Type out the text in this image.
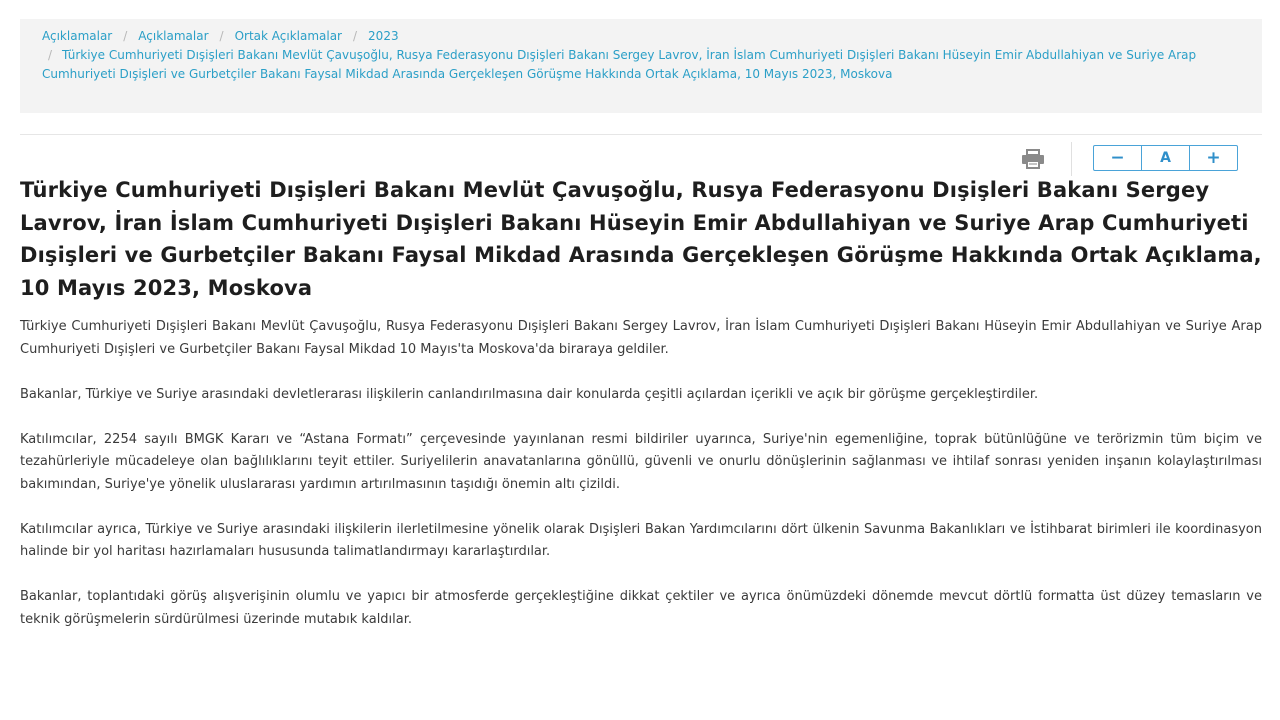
Açıklamalar / Açıklamalar / Ortak Açıklamalar / 2023
/ Türkiye Cumhuriyeti Dışişleri Bakanı Mevlüt Çavuşoğlu, Rusya Federasyonu Dışişleri Bakanı Sergey Lavrov, İran İslam Cumhuriyeti Dışişleri Bakanı Hüseyin Emir Abdullahiyan ve Suriye Arap Cumhuriyeti Dışişleri ve Gurbetçiler Bakanı Faysal Mikdad Arasında Gerçekleşen Görüşme Hakkında Ortak Açıklama, 10 Mayıs 2023, Moskova
−	A	+
Türkiye Cumhuriyeti Dışişleri Bakanı Mevlüt Çavuşoğlu, Rusya Federasyonu Dışişleri Bakanı Sergey Lavrov, İran İslam Cumhuriyeti Dışişleri Bakanı Hüseyin Emir Abdullahiyan ve Suriye Arap Cumhuriyeti Dışişleri ve Gurbetçiler Bakanı Faysal Mikdad Arasında Gerçekleşen Görüşme Hakkında Ortak Açıklama, 10 Mayıs 2023, Moskova

Türkiye Cumhuriyeti Dışişleri Bakanı Mevlüt Çavuşoğlu, Rusya Federasyonu Dışişleri Bakanı Sergey Lavrov, İran İslam Cumhuriyeti Dışişleri Bakanı Hüseyin Emir Abdullahiyan ve Suriye Arap Cumhuriyeti Dışişleri ve Gurbetçiler Bakanı Faysal Mikdad 10 Mayıs'ta Moskova'da biraraya geldiler.

Bakanlar, Türkiye ve Suriye arasındaki devletlerarası ilişkilerin canlandırılmasına dair konularda çeşitli açılardan içerikli ve açık bir görüşme gerçekleştirdiler.

Katılımcılar, 2254 sayılı BMGK Kararı ve “Astana Formatı” çerçevesinde yayınlanan resmi bildiriler uyarınca, Suriye'nin egemenliğine, toprak bütünlüğüne ve terörizmin tüm biçim ve tezahürleriyle mücadeleye olan bağlılıklarını teyit ettiler. Suriyelilerin anavatanlarına gönüllü, güvenli ve onurlu dönüşlerinin sağlanması ve ihtilaf sonrası yeniden inşanın kolaylaştırılması bakımından, Suriye'ye yönelik uluslararası yardımın artırılmasının taşıdığı önemin altı çizildi.

Katılımcılar ayrıca, Türkiye ve Suriye arasındaki ilişkilerin ilerletilmesine yönelik olarak Dışişleri Bakan Yardımcılarını dört ülkenin Savunma Bakanlıkları ve İstihbarat birimleri ile koordinasyon halinde bir yol haritası hazırlamaları hususunda talimatlandırmayı kararlaştırdılar.

Bakanlar, toplantıdaki görüş alışverişinin olumlu ve yapıcı bir atmosferde gerçekleştiğine dikkat çektiler ve ayrıca önümüzdeki dönemde mevcut dörtlü formatta üst düzey temasların ve teknik görüşmelerin sürdürülmesi üzerinde mutabık kaldılar.
